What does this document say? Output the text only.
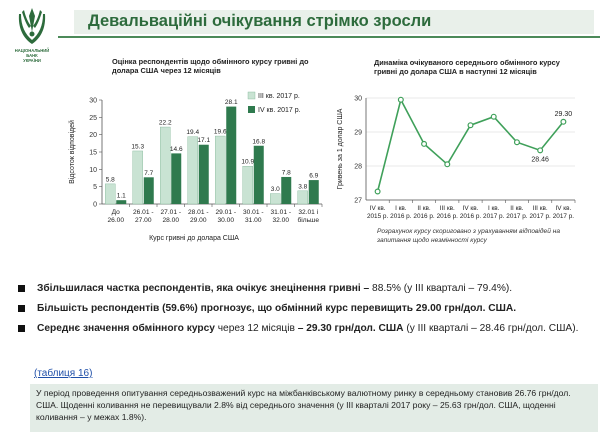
НАЦІОНАЛЬНИЙ
БАНК
УКРАЇНИ
Девальваційні очікування стрімко зросли
Оцінка респондентів щодо обмінного курсу гривні до долара США через 12 місяців
0
5
10
15
20
25
30
5.8
1.1
До
26.00
15.3
7.7
26.01 -
27.00
22.2
14.6
27.01 -
28.00
19.4
17.1
28.01 -
29.00
19.6
28.1
29.01 -
30.00
10.9
16.8
30.01 -
31.00
3.0
7.8
31.01 -
32.00
3.8
6.9
32.01 і
більше
Курс гривні до долара США
Відсоток відповідей
III кв. 2017 р.
IV кв. 2017 р.
Динаміка очікуваного середнього обмінного курсу гривні до долара США в наступні 12 місяців
27
28
29
30
Гривень за 1 долар США	28.46
29.30
IV кв.
2015 р.
I кв.
2016 р.
II кв.
2016 р.
III кв.
2016 р.
IV кв.
2016 р.
I кв.
2017 р.
II кв.
2017 р.
III кв.
2017 р.
IV кв.
2017 р.
Розрахунок курсу скориговано з урахуванням відповідей на запитання щодо незмінності курсу
Збільшилася частка респондентів, яка очікує знецінення гривні – 88.5% (у III кварталі – 79.4%).
Більшість респондентів (59.6%) прогнозує, що обмінний курс перевищить 29.00 грн/дол. США.
Середнє значення обмінного курсу через 12 місяців – 29.30 грн/дол. США (у III кварталі – 28.46 грн/дол. США).
(таблиця 16)
У період проведення опитування середньозважений курс на міжбанківському валютному ринку в середньому становив 26.76 грн/дол. США. Щоденні коливання не перевищували 2.8% від середнього значення (у III кварталі 2017 року – 25.63 грн/дол. США, щоденні коливання – у межах 1.8%).
